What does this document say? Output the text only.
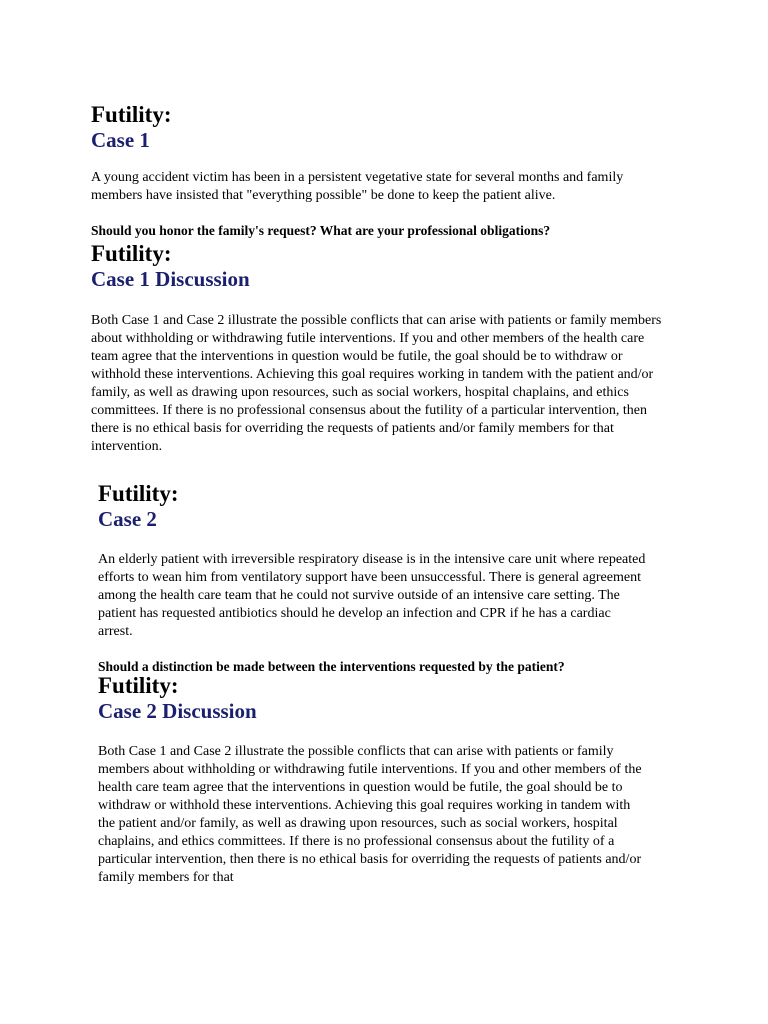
Futility:
Case 1

A young accident victim has been in a persistent vegetative state for several months and family members have insisted that "everything possible" be done to keep the patient alive.

Should you honor the family's request? What are your professional obligations?

Futility:
Case 1 Discussion

Both Case 1 and Case 2 illustrate the possible conflicts that can arise with patients or family members about withholding or withdrawing futile interventions. If you and other members of the health care team agree that the interventions in question would be futile, the goal should be to withdraw or withhold these interventions. Achieving this goal requires working in tandem with the patient and/or family, as well as drawing upon resources, such as social workers, hospital chaplains, and ethics committees. If there is no professional consensus about the futility of a particular intervention, then there is no ethical basis for overriding the requests of patients and/or family members for that intervention.

Futility:
Case 2

An elderly patient with irreversible respiratory disease is in the intensive care unit where repeated efforts to wean him from ventilatory support have been unsuccessful. There is general agreement among the health care team that he could not survive outside of an intensive care setting. The patient has requested antibiotics should he develop an infection and CPR if he has a cardiac arrest.

Should a distinction be made between the interventions requested by the patient?

Futility:
Case 2 Discussion

Both Case 1 and Case 2 illustrate the possible conflicts that can arise with patients or family members about withholding or withdrawing futile interventions. If you and other members of the health care team agree that the interventions in question would be futile, the goal should be to withdraw or withhold these interventions. Achieving this goal requires working in tandem with the patient and/or family, as well as drawing upon resources, such as social workers, hospital chaplains, and ethics committees. If there is no professional consensus about the futility of a particular intervention, then there is no ethical basis for overriding the requests of patients and/or family members for that
